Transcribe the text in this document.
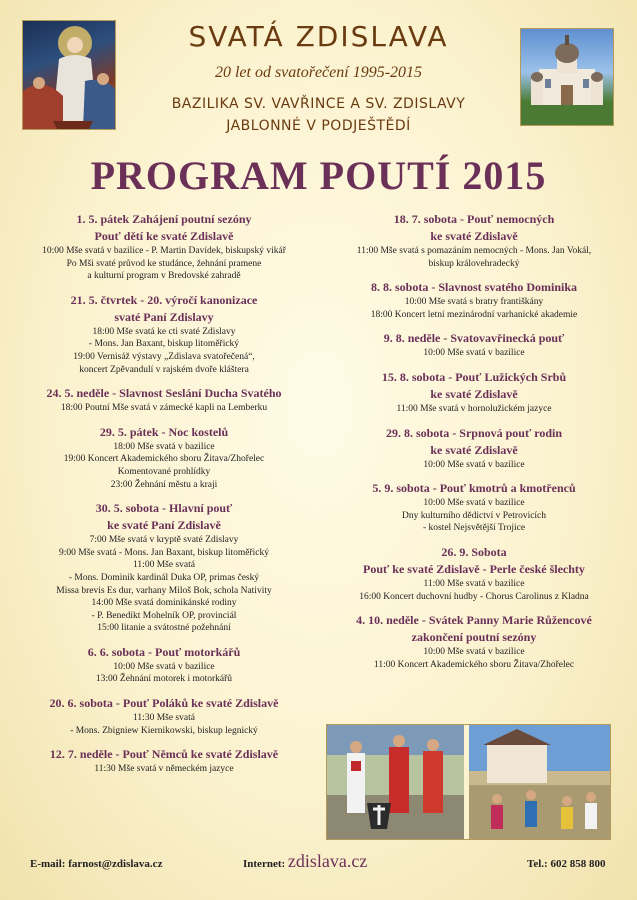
SVATÁ ZDISLAVA
20 let od svatořečení 1995-2015
BAZILIKA SV. VAVŘINCE A SV. ZDISLAVY
JABLONNÉ V PODJEŠTĚDÍ
PROGRAM POUTÍ 2015
1. 5. pátek Zahájení poutní sezóny
Pouť dětí ke svaté Zdislavě
10:00 Mše svatá v bazilice - P. Martin Davídek, biskupský vikář
Po Mši svaté průvod ke studánce, žehnání pramene
a kulturní program v Bredovské zahradě
21. 5. čtvrtek - 20. výročí kanonizace
svaté Paní Zdislavy
18:00 Mše svatá ke cti svaté Zdislavy
- Mons. Jan Baxant, biskup litoměřický
19:00 Vernisáž výstavy „Zdislava svatořečená“,
koncert Zpěvandulí v rajském dvoře kláštera
24. 5. neděle - Slavnost Seslání Ducha Svatého
18:00 Poutní Mše svatá v zámecké kapli na Lemberku
29. 5. pátek - Noc kostelů
18:00 Mše svatá v bazilice
19:00 Koncert Akademického sboru Žitava/Zhořelec
Komentované prohlídky
23:00 Žehnání městu a kraji
30. 5. sobota - Hlavní pouť
ke svaté Paní Zdislavě
7:00 Mše svatá v kryptě svaté Zdislavy
9:00 Mše svatá - Mons. Jan Baxant, biskup litoměřický
11:00 Mše svatá
- Mons. Dominik kardinál Duka OP, primas český
Missa brevis Es dur, varhany Miloš Bok, schola Nativity
14:00 Mše svatá dominikánské rodiny
- P. Benedikt Mohelník OP, provinciál
15:00 litanie a svátostné požehnání
6. 6. sobota - Pouť motorkářů
10:00 Mše svatá v bazilice
13:00 Žehnání motorek i motorkářů
20. 6. sobota - Pouť Poláků ke svaté Zdislavě
11:30 Mše svatá
- Mons. Zbigniew Kiernikowski, biskup legnický
12. 7. neděle - Pouť Němců ke svaté Zdislavě
11:30 Mše svatá v německém jazyce
18. 7. sobota - Pouť nemocných
ke svaté Zdislavě
11:00 Mše svatá s pomazáním nemocných - Mons. Jan Vokál,
biskup královehradecký
8. 8. sobota - Slavnost svatého Dominika
10:00 Mše svatá s bratry františkány
18:00 Koncert letní mezinárodní varhanické akademie
9. 8. neděle - Svatovavřinecká pouť
10:00 Mše svatá v bazilice
15. 8. sobota - Pouť Lužických Srbů
ke svaté Zdislavě
11:00 Mše svatá v hornolužickém jazyce
29. 8. sobota - Srpnová pouť rodin
ke svaté Zdislavě
10:00 Mše svatá v bazilice
5. 9. sobota - Pouť kmotrů a kmotřenců
10:00 Mše svatá v bazilice
Dny kulturního dědictví v Petrovicích
- kostel Nejsvětější Trojice
26. 9. Sobota
Pouť ke svaté Zdislavě - Perle české šlechty
11:00 Mše svatá v bazilice
16:00 Koncert duchovní hudby - Chorus Carolinus z Kladna
4. 10. neděle - Svátek Panny Marie Růžencové
zakončení poutní sezóny
10:00 Mše svatá v bazilice
11:00 Koncert Akademického sboru Žitava/Zhořelec
E-mail: farnost@zdislava.cz	Internet: zdislava.cz	Tel.: 602 858 800
